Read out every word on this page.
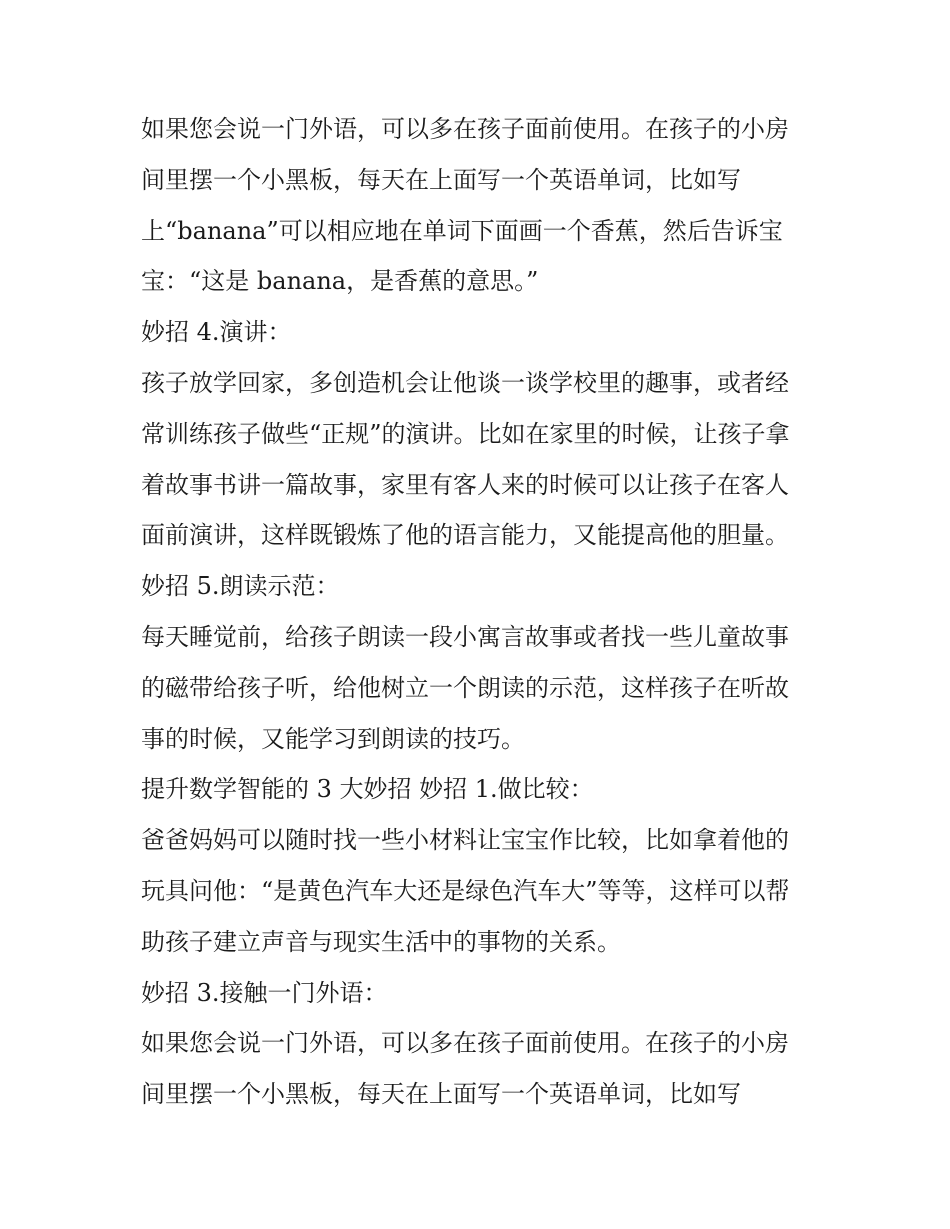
如果您会说一门外语，可以多在孩子面前使用。在孩子的小房
间里摆一个小黑板，每天在上面写一个英语单词，比如写
上“banana”可以相应地在单词下面画一个香蕉，然后告诉宝
宝：“这是 banana，是香蕉的意思。”
妙招 4.演讲：
孩子放学回家，多创造机会让他谈一谈学校里的趣事，或者经
常训练孩子做些“正规”的演讲。比如在家里的时候，让孩子拿
着故事书讲一篇故事，家里有客人来的时候可以让孩子在客人
面前演讲，这样既锻炼了他的语言能力，又能提高他的胆量。
妙招 5.朗读示范：
每天睡觉前，给孩子朗读一段小寓言故事或者找一些儿童故事
的磁带给孩子听，给他树立一个朗读的示范，这样孩子在听故
事的时候，又能学习到朗读的技巧。
提升数学智能的 3 大妙招 妙招 1.做比较：
爸爸妈妈可以随时找一些小材料让宝宝作比较，比如拿着他的
玩具问他：“是黄色汽车大还是绿色汽车大”等等，这样可以帮
助孩子建立声音与现实生活中的事物的关系。
妙招 3.接触一门外语：
如果您会说一门外语，可以多在孩子面前使用。在孩子的小房
间里摆一个小黑板，每天在上面写一个英语单词，比如写
